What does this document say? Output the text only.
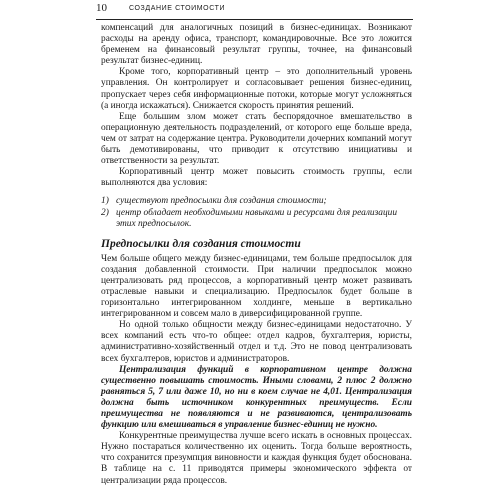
10	СОЗДАНИЕ СТОИМОСТИ

компенсаций для аналогичных позиций в бизнес-единицах. Возникают расходы на аренду офиса, транспорт, командировочные. Все это ложится бременем на финансовый результат группы, точнее, на финансовый результат бизнес-единиц.

Кроме того, корпоративный центр – это дополнительный уровень управления. Он контролирует и согласовывает решения бизнес-единиц, пропускает через себя информационные потоки, которые могут усложняться (а иногда искажаться). Снижается скорость принятия решений.

Еще большим злом может стать беспорядочное вмешательство в операционную деятельность подразделений, от которого еще больше вреда, чем от затрат на содержание центра. Руководители дочерних компаний могут быть демотивированы, что приводит к отсутствию инициативы и ответственности за результат.

Корпоративный центр может повысить стоимость группы, если выполняются два условия:

1) существуют предпосылки для создания стоимости;
2) центр обладает необходимыми навыками и ресурсами для реализации этих предпосылок.
Предпосылки для создания стоимости

Чем больше общего между бизнес-единицами, тем больше предпосылок для создания добавленной стоимости. При наличии предпосылок можно централизовать ряд процессов, а корпоративный центр может развивать отраслевые навыки и специализацию. Предпосылок будет больше в горизонтально интегрированном холдинге, меньше в вертикально интегрированном и совсем мало в диверсифицированной группе.

Но одной только общности между бизнес-единицами недостаточно. У всех компаний есть что-то общее: отдел кадров, бухгалтерия, юристы, административно-хозяйственный отдел и т.д. Это не повод централизовать всех бухгалтеров, юристов и администраторов.

Централизация функций в корпоративном центре должна существенно повышать стоимость. Иными словами, 2 плюс 2 должно равняться 5, 7 или даже 10, но ни в коем случае не 4,01. Централизация должна быть источником конкурентных преимуществ. Если преимущества не появляются и не развиваются, централизовать функцию или вмешиваться в управление бизнес-единиц не нужно.

Конкурентные преимущества лучше всего искать в основных процессах. Нужно постараться количественно их оценить. Тогда больше вероятность, что сохранится презумпция виновности и каждая функция будет обоснована. В таблице на с. 11 приводятся примеры экономического эффекта от централизации ряда процессов.
